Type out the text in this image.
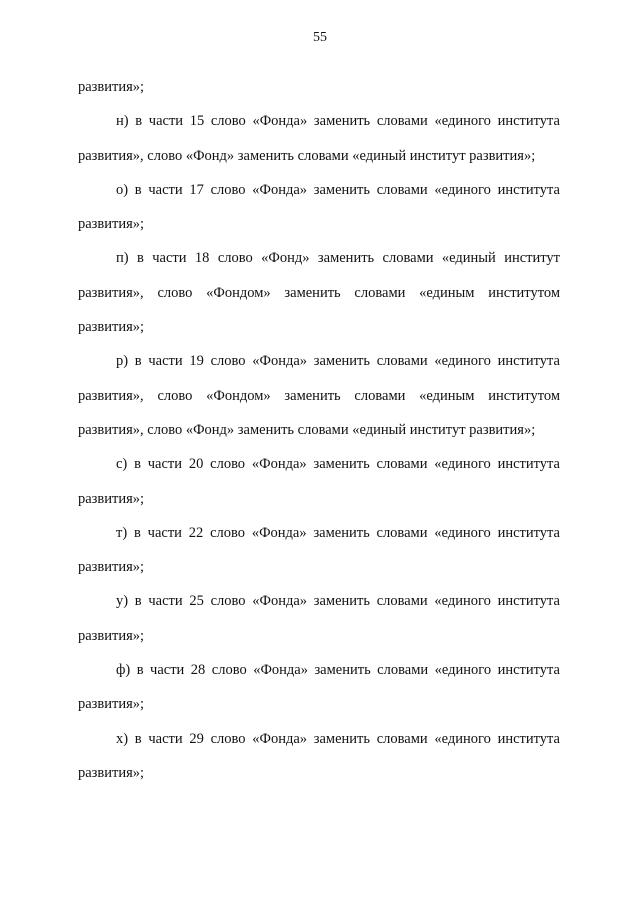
55
развития»;
н) в части 15 слово «Фонда» заменить словами «единого института
развития», слово «Фонд» заменить словами «единый институт развития»;
о) в части 17 слово «Фонда» заменить словами «единого института
развития»;
п) в части 18 слово «Фонд» заменить словами «единый институт
развития», слово «Фондом» заменить словами «единым институтом
развития»;
р) в части 19 слово «Фонда» заменить словами «единого института
развития», слово «Фондом» заменить словами «единым институтом
развития», слово «Фонд» заменить словами «единый институт развития»;
с) в части 20 слово «Фонда» заменить словами «единого института
развития»;
т) в части 22 слово «Фонда» заменить словами «единого института
развития»;
у) в части 25 слово «Фонда» заменить словами «единого института
развития»;
ф) в части 28 слово «Фонда» заменить словами «единого института
развития»;
х) в части 29 слово «Фонда» заменить словами «единого института
развития»;
